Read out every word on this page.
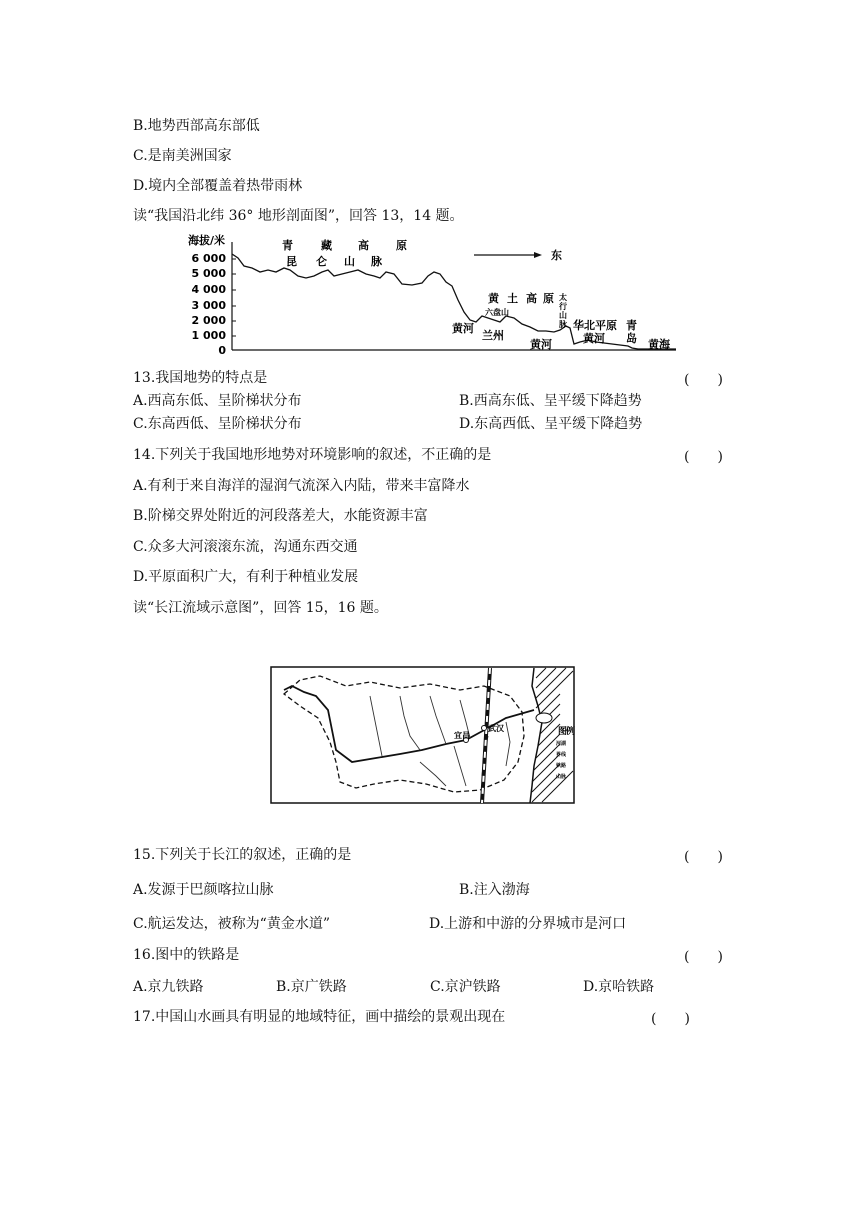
B.地势西部高东部低
C.是南美洲国家
D.境内全部覆盖着热带雨林
读“我国沿北纬 36° 地形剖面图”，回答 13，14 题。
海拔/米
6 000
5 000
4 000
3 000
2 000
1 000
0
青	藏 高 原
昆 仑 山 脉	东
黄 土 高 原
黄河
兰州
黄河
华北平原
黄河
青
岛 黄海
六盘山
太
行
山
脉
13.我国地势的特点是	(　　)
A.西高东低、呈阶梯状分布	B.西高东低、呈平缓下降趋势
C.东高西低、呈阶梯状分布	D.东高西低、呈平缓下降趋势
14.下列关于我国地形地势对环境影响的叙述，不正确的是	(　　)
A.有利于来自海洋的湿润气流深入内陆，带来丰富降水
B.阶梯交界处附近的河段落差大，水能资源丰富
C.众多大河滚滚东流，沟通东西交通
D.平原面积广大，有利于种植业发展
读“长江流域示意图”，回答 15，16 题。
宜昌
武汉	图
例
河湖
界线
铁路
山脉
15.下列关于长江的叙述，正确的是	(　　)
A.发源于巴颜喀拉山脉	B.注入渤海
C.航运发达，被称为“黄金水道”	D.上游和中游的分界城市是河口
16.图中的铁路是	(　　)
A.京九铁路	B.京广铁路	C.京沪铁路	D.京哈铁路
17.中国山水画具有明显的地域特征，画中描绘的景观出现在	(　　)
